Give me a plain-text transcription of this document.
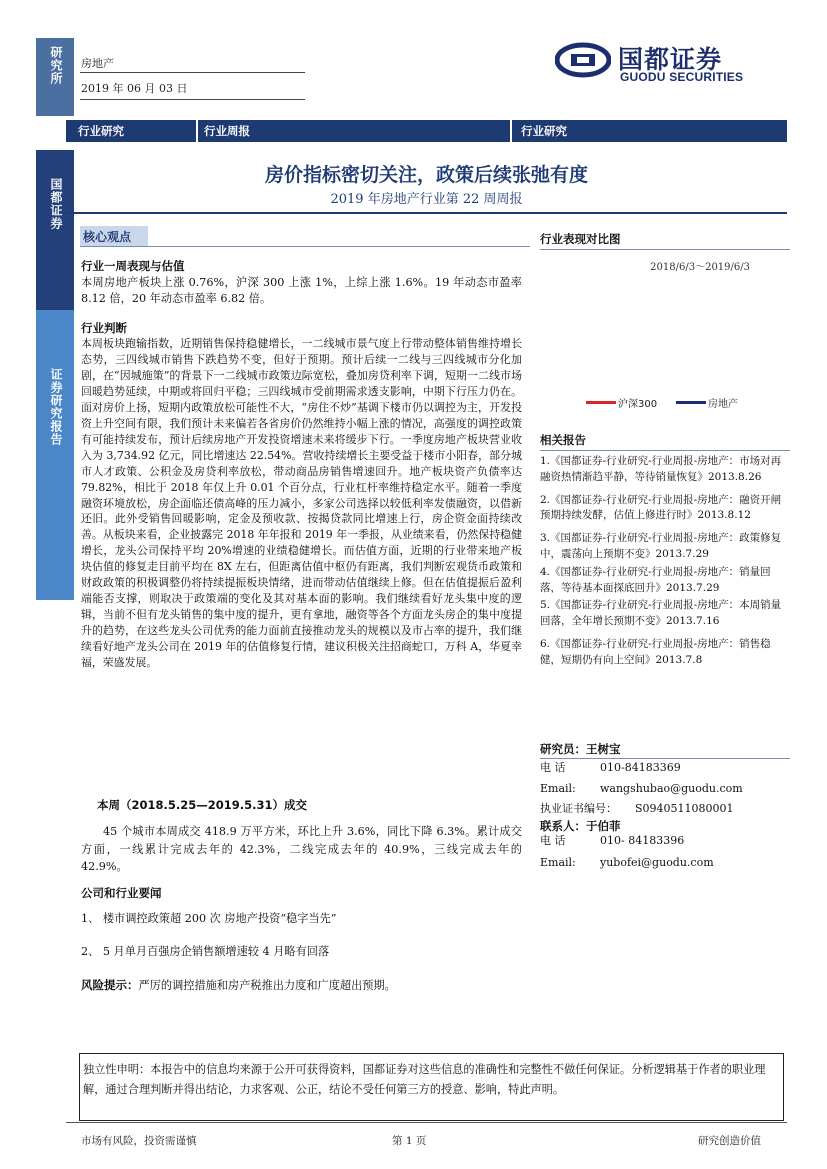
研究所
国都证券
证券研究报告
房地产
2019 年 06 月 03 日
国都证券
GUODU SECURITIES
行业研究	行业周报	行业研究
房价指标密切关注，政策后续张弛有度
2019 年房地产行业第 22 周周报
核心观点
行业一周表现与估值
本周房地产板块上涨 0.76%，沪深 300 上涨 1%，上综上涨 1.6%。19 年动态市盈率 8.12 倍，20 年动态市盈率 6.82 倍。
行业判断
本周板块跑输指数，近期销售保持稳健增长，一二线城市景气度上行带动整体销售维持增长态势，三四线城市销售下跌趋势不变，但好于预期。预计后续一二线与三四线城市分化加剧，在“因城施策”的背景下一二线城市政策边际宽松，叠加房贷利率下调，短期一二线市场回暖趋势延续，中期或将回归平稳；三四线城市受前期需求透支影响，中期下行压力仍在。面对房价上扬，短期内政策放松可能性不大，“房住不炒”基调下楼市仍以调控为主，开发投资上升空间有限，我们预计未来偏若各省房价仍然维持小幅上涨的情况，高强度的调控政策有可能持续发布，预计后续房地产开发投资增速未来将缓步下行。一季度房地产板块营业收入为 3,734.92 亿元，同比增速达 22.54%。营收持续增长主要受益于楼市小阳春，部分城市人才政策、公积金及房贷利率放松，带动商品房销售增速回升。地产板块资产负债率达 79.82%，相比于 2018 年仅上升 0.01 个百分点，行业杠杆率维持稳定水平。随着一季度融资环境放松，房企面临还债高峰的压力减小，多家公司选择以较低利率发债融资，以借新还旧。此外受销售回暖影响，定金及预收款、按揭贷款同比增速上行，房企资金面持续改善。从板块来看，企业披露完 2018 年年报和 2019 年一季报，从业绩来看，仍然保持稳健增长，龙头公司保持平均 20%增速的业绩稳健增长。而估值方面，近期的行业带来地产板块估值的修复走目前平均在 8X 左右，但距离估值中枢仍有距离，我们判断宏观货币政策和财政政策的积极调整仍将持续提振板块情绪，进而带动估值继续上修。但在估值提振后盈利端能否支撑，则取决于政策端的变化及其对基本面的影响。我们继续看好龙头集中度的逻辑，当前不但有龙头销售的集中度的提升，更有拿地，融资等各个方面龙头房企的集中度提升的趋势，在这些龙头公司优秀的能力面前直接推动龙头的规模以及市占率的提升，我们继续看好地产龙头公司在 2019 年的估值修复行情，建议积极关注招商蛇口，万科 A，华夏幸福，荣盛发展。
本周（2018.5.25—2019.5.31）成交
45 个城市本周成交 418.9 万平方米，环比上升 3.6%，同比下降 6.3%。累计成交方面，一线累计完成去年的 42.3%，二线完成去年的 40.9%，三线完成去年的 42.9%。
公司和行业要闻
1、 楼市调控政策超 200 次 房地产投资“稳字当先”
2、 5 月单月百强房企销售额增速较 4 月略有回落
风险提示：严厉的调控措施和房产税推出力度和广度超出预期。
行业表现对比图
2018/6/3～2019/6/3
沪深300	房地产
相关报告
1.《国都证券-行业研究-行业周报-房地产：市场对再融资热情渐趋平静，等待销量恢复》2013.8.26
2.《国都证券-行业研究-行业周报-房地产：融资开闸预期持续发酵，估值上修进行时》2013.8.12
3.《国都证券-行业研究-行业周报-房地产：政策修复中，震荡向上预期不变》2013.7.29
4.《国都证券-行业研究-行业周报-房地产：销量回落，等待基本面探底回升》2013.7.29
5.《国都证券-行业研究-行业周报-房地产：本周销量回落，全年增长预期不变》2013.7.16
6.《国都证券-行业研究-行业周报-房地产：销售稳健，短期仍有向上空间》2013.7.8
研究员：王树宝
电 话	010-84183369
Email: wangshubao@guodu.com
执业证书编号： S0940511080001
联系人：于伯菲
电 话	010- 84183396
Email: yubofei@guodu.com
独立性申明：本报告中的信息均来源于公开可获得资料，国都证券对这些信息的准确性和完整性不做任何保证。分析逻辑基于作者的职业理解，通过合理判断并得出结论，力求客观、公正，结论不受任何第三方的授意、影响，特此声明。
市场有风险，投资需谨慎	第 1 页	研究创造价值
